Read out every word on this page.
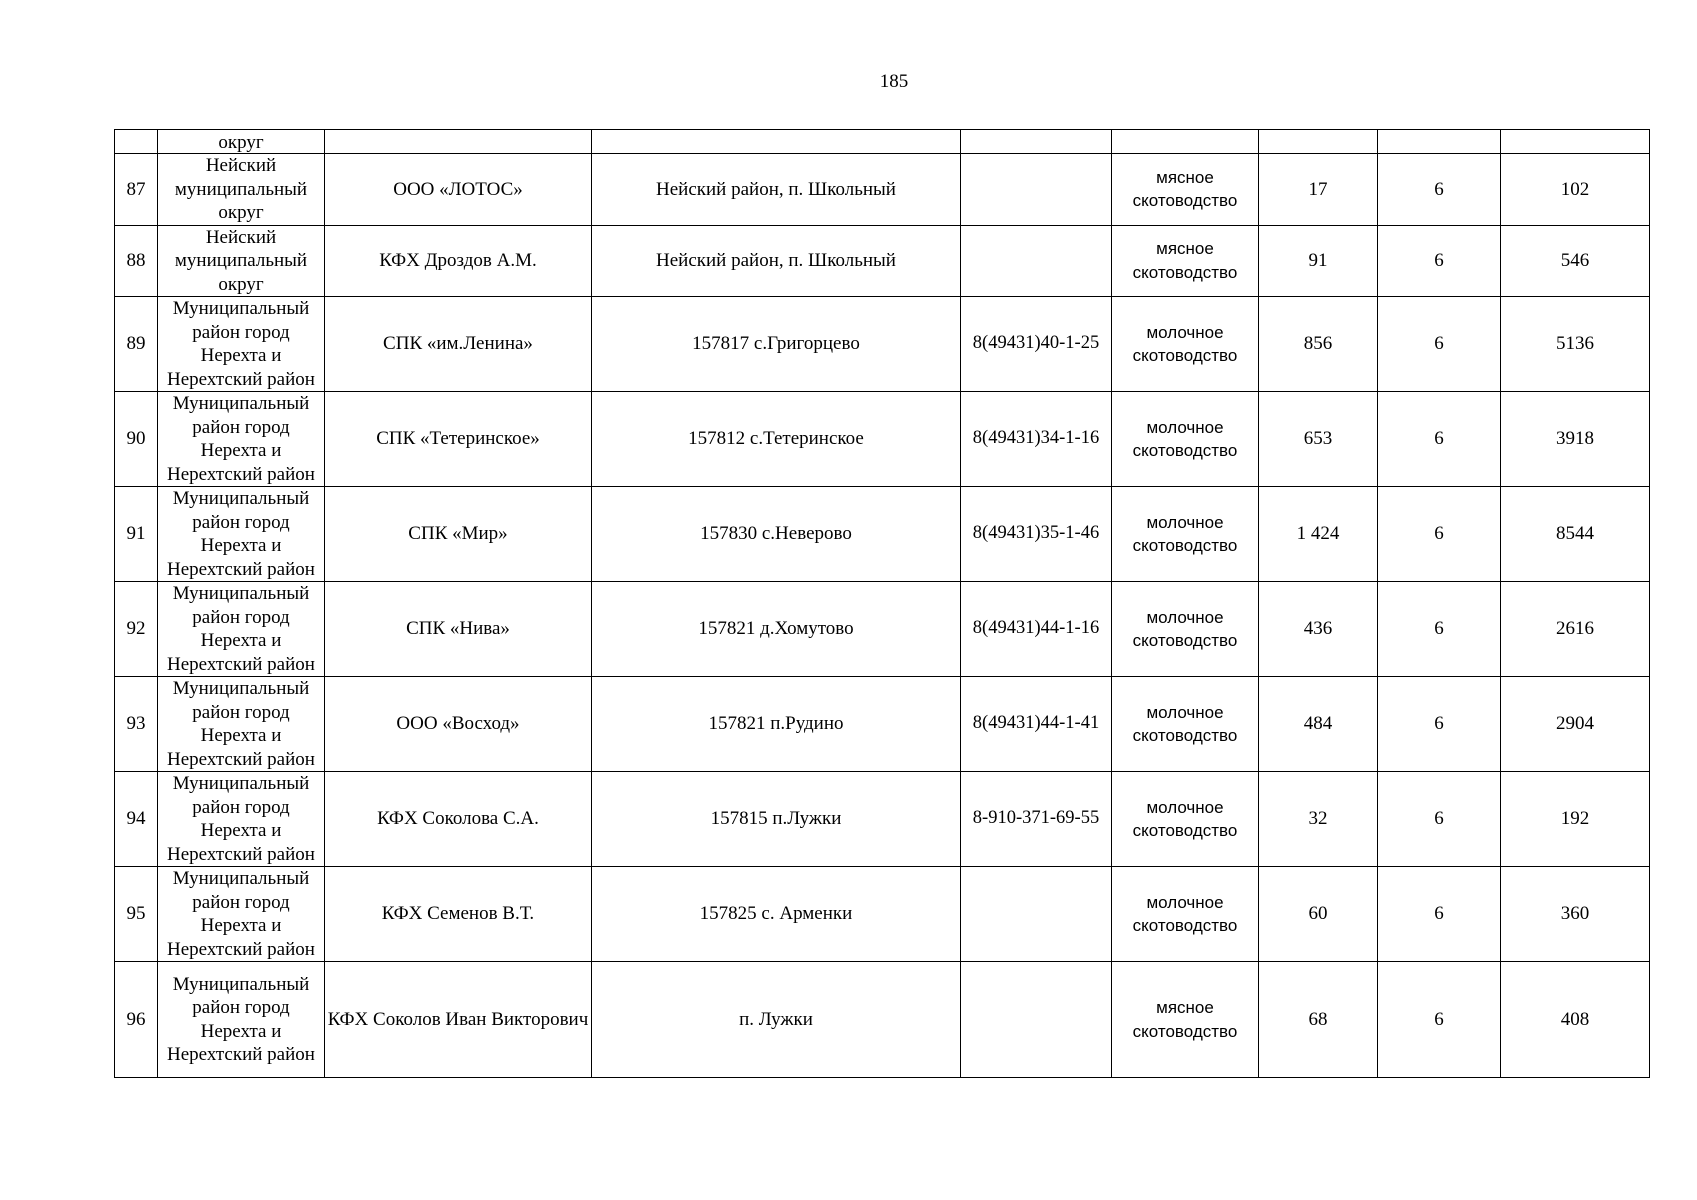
185
	округ							
87	Нейский муниципальный округ	ООО «ЛОТОС»	Нейский район, п. Школьный		мясное скотоводство	17	6	102
88	Нейский муниципальный округ	КФХ Дроздов А.М.	Нейский район, п. Школьный		мясное скотоводство	91	6	546
89	Муниципальный район город Нерехта и Нерехтский район	СПК «им.Ленина»	157817 с.Григорцево	8(49431)40-1-25	молочное скотоводство	856	6	5136
90	Муниципальный район город Нерехта и Нерехтский район	СПК «Тетеринское»	157812 с.Тетеринское	8(49431)34-1-16	молочное скотоводство	653	6	3918
91	Муниципальный район город Нерехта и Нерехтский район	СПК «Мир»	157830 с.Неверово	8(49431)35-1-46	молочное скотоводство	1 424	6	8544
92	Муниципальный район город Нерехта и Нерехтский район	СПК «Нива»	157821 д.Хомутово	8(49431)44-1-16	молочное скотоводство	436	6	2616
93	Муниципальный район город Нерехта и Нерехтский район	ООО «Восход»	157821 п.Рудино	8(49431)44-1-41	молочное скотоводство	484	6	2904
94	Муниципальный район город Нерехта и Нерехтский район	КФХ Соколова С.А.	157815 п.Лужки	8-910-371-69-55	молочное скотоводство	32	6	192
95	Муниципальный район город Нерехта и Нерехтский район	КФХ Семенов В.Т.	157825 с. Арменки		молочное скотоводство	60	6	360
96	Муниципальный район город Нерехта и Нерехтский район	КФХ Соколов Иван Викторович	п. Лужки		мясное скотоводство	68	6	408
